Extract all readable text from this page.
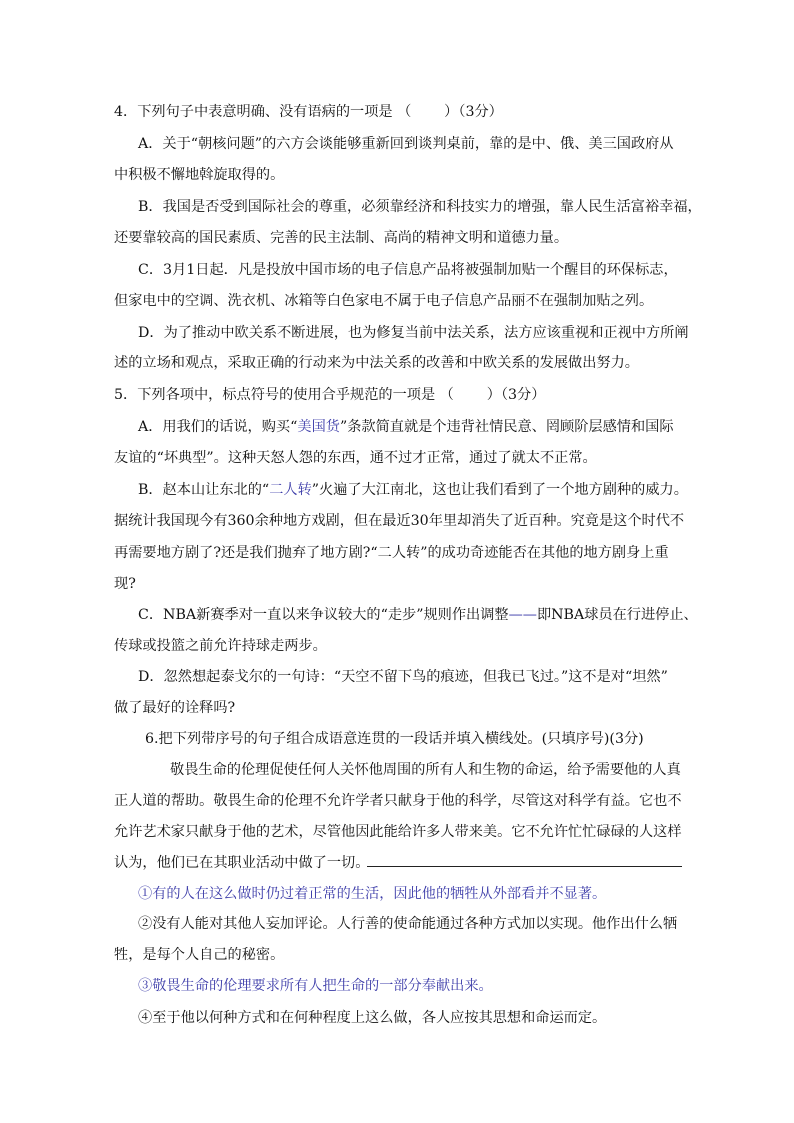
4．下列句子中表意明确、没有语病的一项是 （　　 ）（3分）
A．关于“朝核问题”的六方会谈能够重新回到谈判桌前，靠的是中、俄、美三国政府从
中积极不懈地斡旋取得的。
B．我国是否受到国际社会的尊重，必须靠经济和科技实力的增强，靠人民生活富裕幸福，
还要靠较高的国民素质、完善的民主法制、高尚的精神文明和道德力量。
C．3月1日起．凡是投放中国市场的电子信息产品将被强制加贴一个醒目的环保标志，
但家电中的空调、洗衣机、冰箱等白色家电不属于电子信息产品丽不在强制加贴之列。
D．为了推动中欧关系不断进展，也为修复当前中法关系，法方应该重视和正视中方所阐
述的立场和观点，采取正确的行动来为中法关系的改善和中欧关系的发展做出努力。
5．下列各项中，标点符号的使用合乎规范的一项是 （　　 ）（3分）
A．用我们的话说，购买“美国货”条款简直就是个违背社情民意、罔顾阶层感情和国际
友谊的“坏典型”。这种天怒人怨的东西，通不过才正常，通过了就太不正常。
B．赵本山让东北的“二人转”火遍了大江南北，这也让我们看到了一个地方剧种的威力。
据统计我国现今有360余种地方戏剧，但在最近30年里却消失了近百种。究竟是这个时代不
再需要地方剧了?还是我们抛弃了地方剧?“二人转”的成功奇迹能否在其他的地方剧身上重
现?
C．NBA新赛季对一直以来争议较大的“走步”规则作出调整——即NBA球员在行进停止、
传球或投篮之前允许持球走两步。
D．忽然想起泰戈尔的一句诗：“天空不留下鸟的痕迹，但我已飞过。”这不是对“坦然”
做了最好的诠释吗?
6.把下列带序号的句子组合成语意连贯的一段话并填入横线处。(只填序号)(3分)
敬畏生命的伦理促使任何人关怀他周围的所有人和生物的命运，给予需要他的人真
正人道的帮助。敬畏生命的伦理不允许学者只献身于他的科学，尽管这对科学有益。它也不
允许艺术家只献身于他的艺术，尽管他因此能给许多人带来美。它不允许忙忙碌碌的人这样
认为，他们已在其职业活动中做了一切。
①有的人在这么做时仍过着正常的生活，因此他的牺牲从外部看并不显著。
②没有人能对其他人妄加评论。人行善的使命能通过各种方式加以实现。他作出什么牺
牲，是每个人自己的秘密。
③敬畏生命的伦理要求所有人把生命的一部分奉献出来。
④至于他以何种方式和在何种程度上这么做，各人应按其思想和命运而定。
